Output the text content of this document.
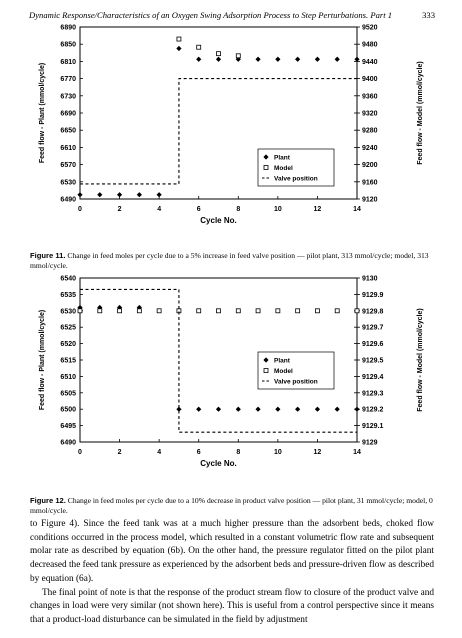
Dynamic Response/Characteristics of an Oxygen Swing Adsorption Process to Step Perturbations. Part 1	333
6890
6850
6810
6770
6730
6690
6650
6610
6570
6530
6490
9520
9480
9440
9400
9360
9320
9280
9240
9200
9160
9120
0	2	4	6	8	10	12	14
Cycle No.
Feed flow - Plant (mmol/cycle)	Feed flow - Model (mmol/cycle)
Plant
Model
Valve position
Figure 11. Change in feed moles per cycle due to a 5% increase in feed valve position — pilot plant, 313 mmol/cycle; model, 313 mmol/cycle.
6540
6535
6530
6525
6520
6515
6510
6505
6500
6495
6490
9130
9129.9
9129.8
9129.7
9129.6
9129.5
9129.4
9129.3
9129.2
9129.1
9129
0	2	4	6	8	10	12	14
Cycle No.
Feed flow - Plant (mmol/cycle)	Feed flow - Model (mmol/cycle)
Plant
Model
Valve position
Figure 12. Change in feed moles per cycle due to a 10% decrease in product valve position — pilot plant, 31 mmol/cycle; model, 0 mmol/cycle.

to Figure 4). Since the feed tank was at a much higher pressure than the adsorbent beds, choked flow conditions occurred in the process model, which resulted in a constant volumetric flow rate and subsequent molar rate as described by equation (6b). On the other hand, the pressure regulator fitted on the pilot plant decreased the feed tank pressure as experienced by the adsorbent beds and pressure-driven flow as described by equation (6a).

The final point of note is that the response of the product stream flow to closure of the product valve and changes in load were very similar (not shown here). This is useful from a control perspective since it means that a product-load disturbance can be simulated in the field by adjustment
